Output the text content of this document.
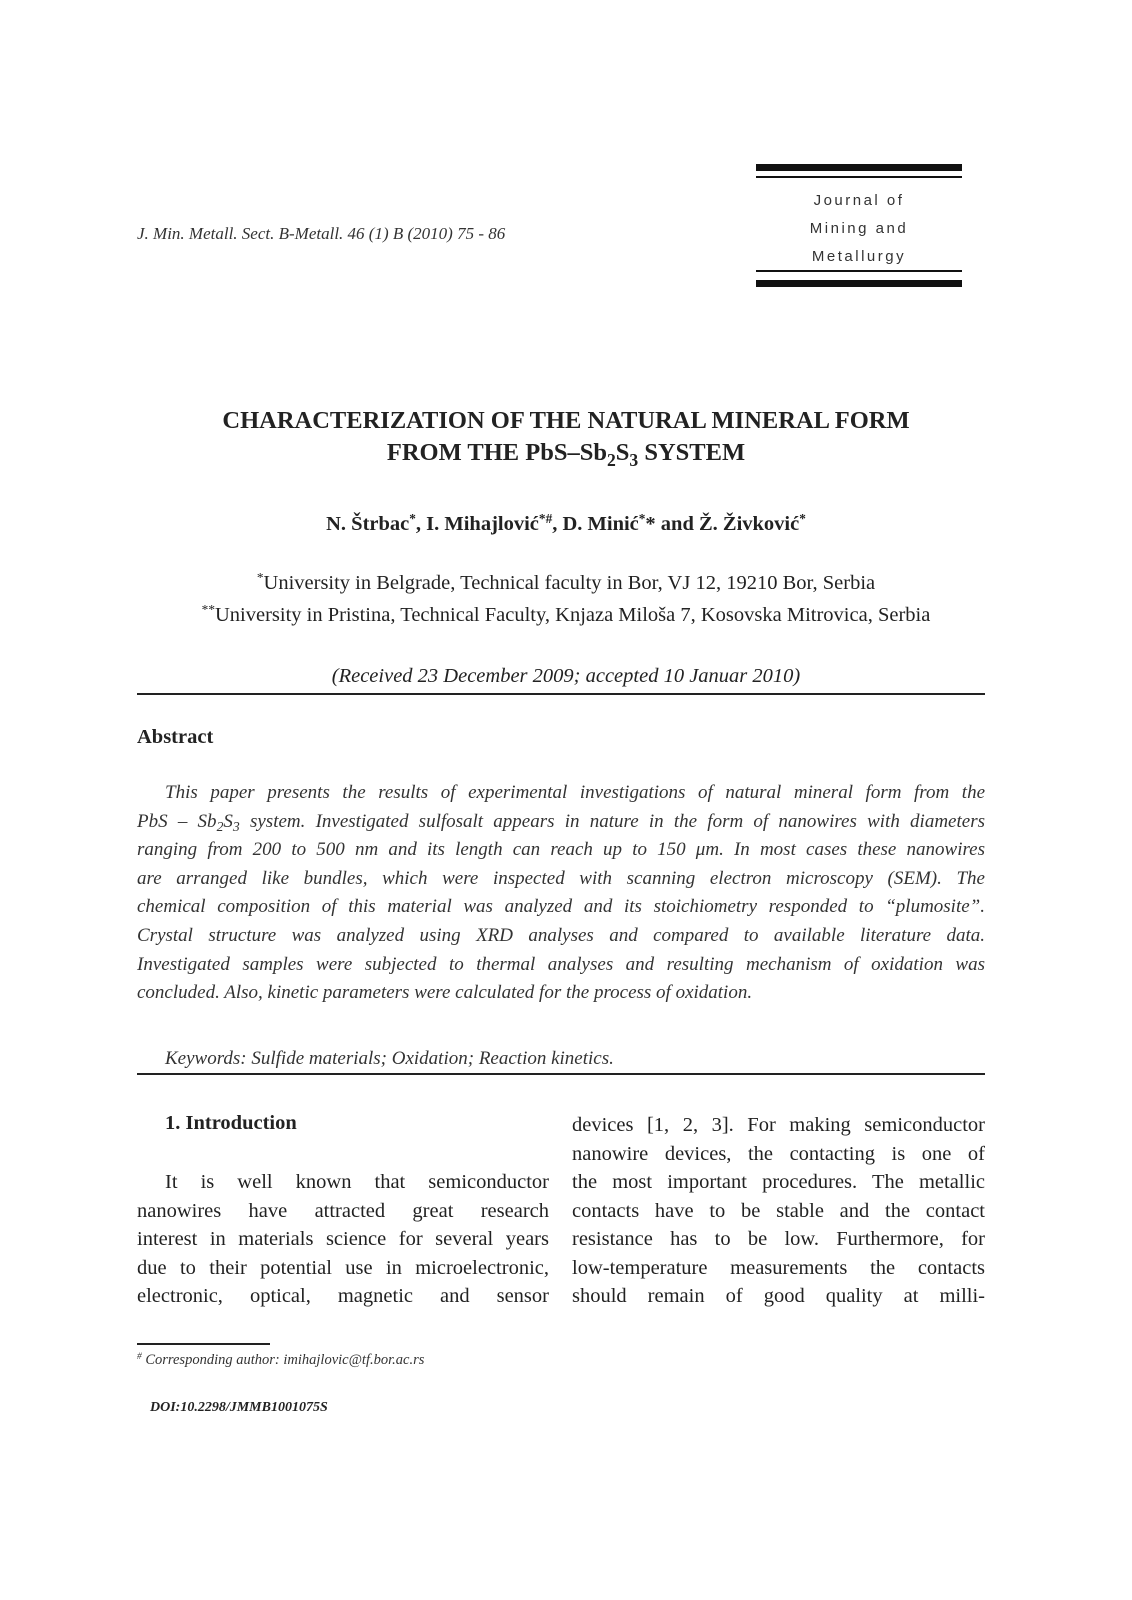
J. Min. Metall. Sect. B-Metall. 46 (1) B (2010) 75 - 86
Journal of
Mining and
Metallurgy
CHARACTERIZATION OF THE NATURAL MINERAL FORM
FROM THE PbS–$Sb_2S_3$ SYSTEM
N. Štrbac*, I. Mihajlović*#, D. Minić** and Ž. Živković*
*University in Belgrade, Technical faculty in Bor, VJ 12, 19210 Bor, Serbia
**University in Pristina, Technical Faculty, Knjaza Miloša 7, Kosovska Mitrovica, Serbia
(Received 23 December 2009; accepted 10 Januar 2010)
Abstract
This paper presents the results of experimental investigations of natural mineral form from the
PbS – $Sb_2S_3$ system. Investigated sulfosalt appears in nature in the form of nanowires with diameters
ranging from 200 to 500 nm and its length can reach up to 150 μm. In most cases these nanowires
are arranged like bundles, which were inspected with scanning electron microscopy (SEM). The
chemical composition of this material was analyzed and its stoichiometry responded to “plumosite”.
Crystal structure was analyzed using XRD analyses and compared to available literature data.
Investigated samples were subjected to thermal analyses and resulting mechanism of oxidation was
concluded. Also, kinetic parameters were calculated for the process of oxidation.
Keywords: Sulfide materials; Oxidation; Reaction kinetics.
1. Introduction
It is well known that semiconductor
nanowires have attracted great research
interest in materials science for several years
due to their potential use in microelectronic,
electronic, optical, magnetic and sensor
devices [1, 2, 3]. For making semiconductor
nanowire devices, the contacting is one of
the most important procedures. The metallic
contacts have to be stable and the contact
resistance has to be low. Furthermore, for
low-temperature measurements the contacts
should remain of good quality at milli-
# Corresponding author: imihajlovic@tf.bor.ac.rs
DOI:10.2298/JMMB1001075S
